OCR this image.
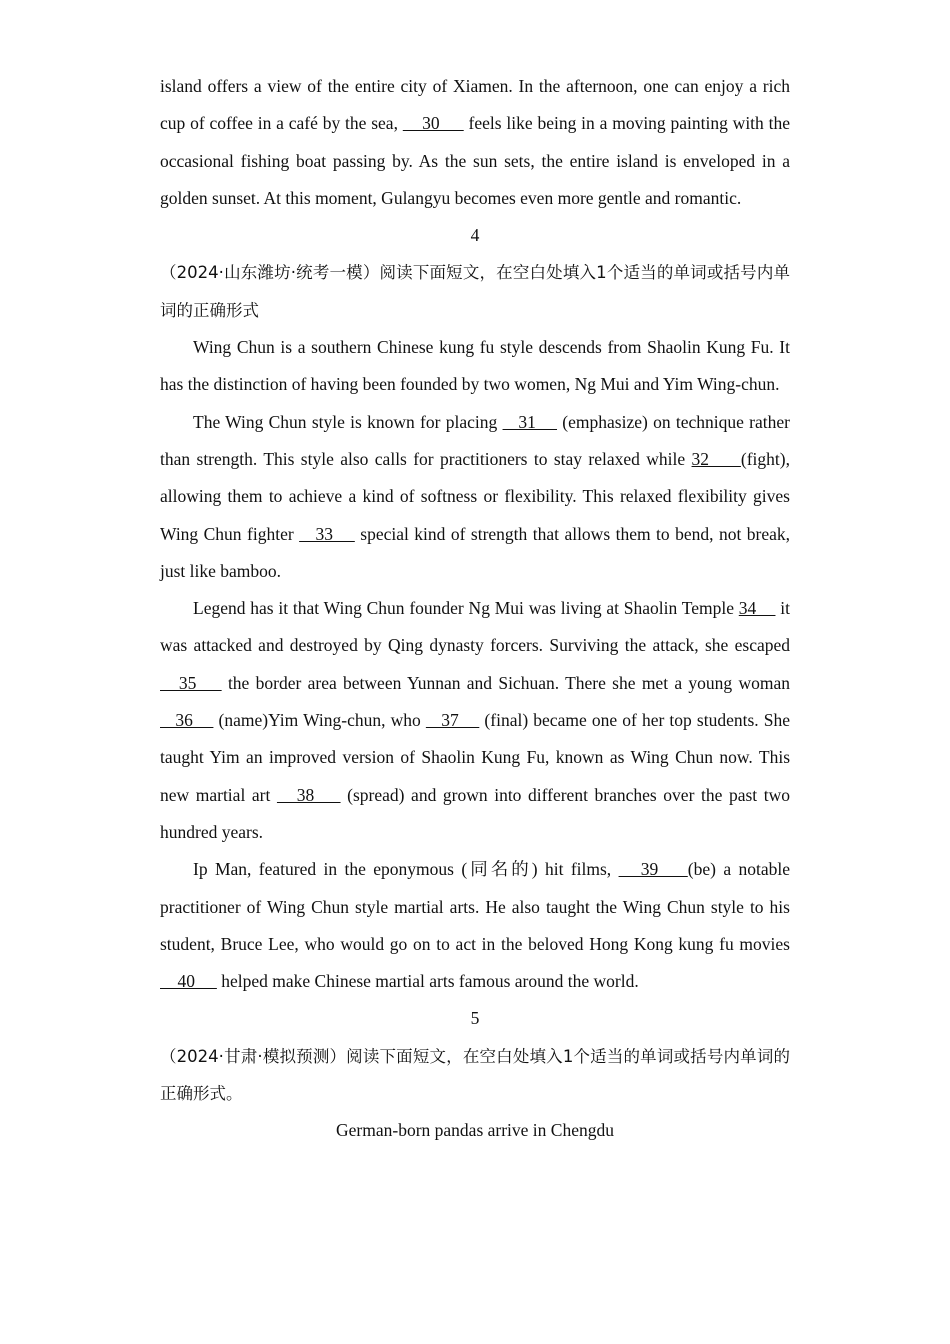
island offers a view of the entire city of Xiamen. In the afternoon, one can enjoy a rich cup of coffee in a café by the sea,     30      feels like being in a moving painting with the occasional fishing boat passing by. As the sun sets, the entire island is enveloped in a golden sunset. At this moment, Gulangyu becomes even more gentle and romantic.

4

（2024·山东潍坊·统考一模）阅读下面短文，在空白处填入1个适当的单词或括号内单词的正确形式

Wing Chun is a southern Chinese kung fu style descends from Shaolin Kung Fu. It has the distinction of having been founded by two women, Ng Mui and Yim Wing-chun.

The Wing Chun style is known for placing    31     (emphasize) on technique rather than strength. This style also calls for practitioners to stay relaxed while 32     (fight), allowing them to achieve a kind of softness or flexibility. This relaxed flexibility gives Wing Chun fighter    33     special kind of strength that allows them to bend, not break, just like bamboo.

Legend has it that Wing Chun founder Ng Mui was living at Shaolin Temple 34     it was attacked and destroyed by Qing dynasty forcers. Surviving the attack, she escaped    35     the border area between Yunnan and Sichuan. There she met a young woman    36     (name)Yim Wing-chun, who    37     (final) became one of her top students. She taught Yim an improved version of Shaolin Kung Fu, known as Wing Chun now. This new martial art    38     (spread) and grown into different branches over the past two hundred years.

Ip Man, featured in the eponymous (同名的) hit films,    39    (be) a notable practitioner of Wing Chun style martial arts. He also taught the Wing Chun style to his student, Bruce Lee, who would go on to act in the beloved Hong Kong kung fu movies     40      helped make Chinese martial arts famous around the world.

5

（2024·甘肃·模拟预测）阅读下面短文，在空白处填入1个适当的单词或括号内单词的正确形式。

German-born pandas arrive in Chengdu
